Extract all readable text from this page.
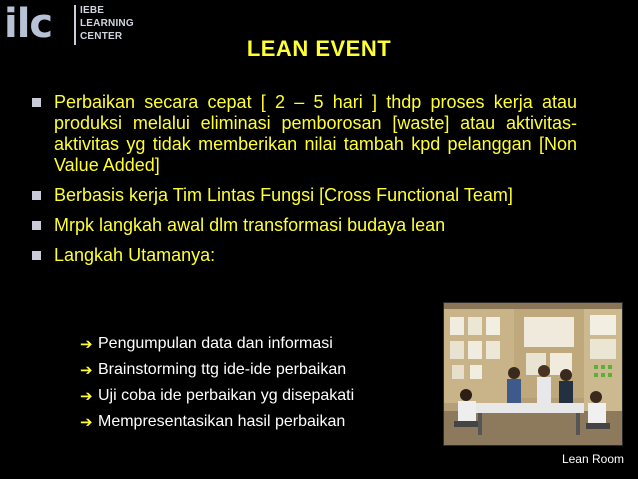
ilc	IEBE
LEARNING
CENTER	LEAN EVENT
Perbaikan secara cepat [ 2 – 5 hari ] thdp proses kerja atau produksi melalui eliminasi pemborosan [waste] atau aktivitas-aktivitas yg tidak memberikan nilai tambah kpd pelanggan [Non Value Added]
Berbasis kerja Tim Lintas Fungsi [Cross Functional Team]
Mrpk langkah awal dlm transformasi budaya lean
Langkah Utamanya:
➔ Pengumpulan data dan informasi
➔ Brainstorming ttg ide-ide perbaikan
➔ Uji coba ide perbaikan yg disepakati
➔ Mempresentasikan hasil perbaikan
Lean Room
